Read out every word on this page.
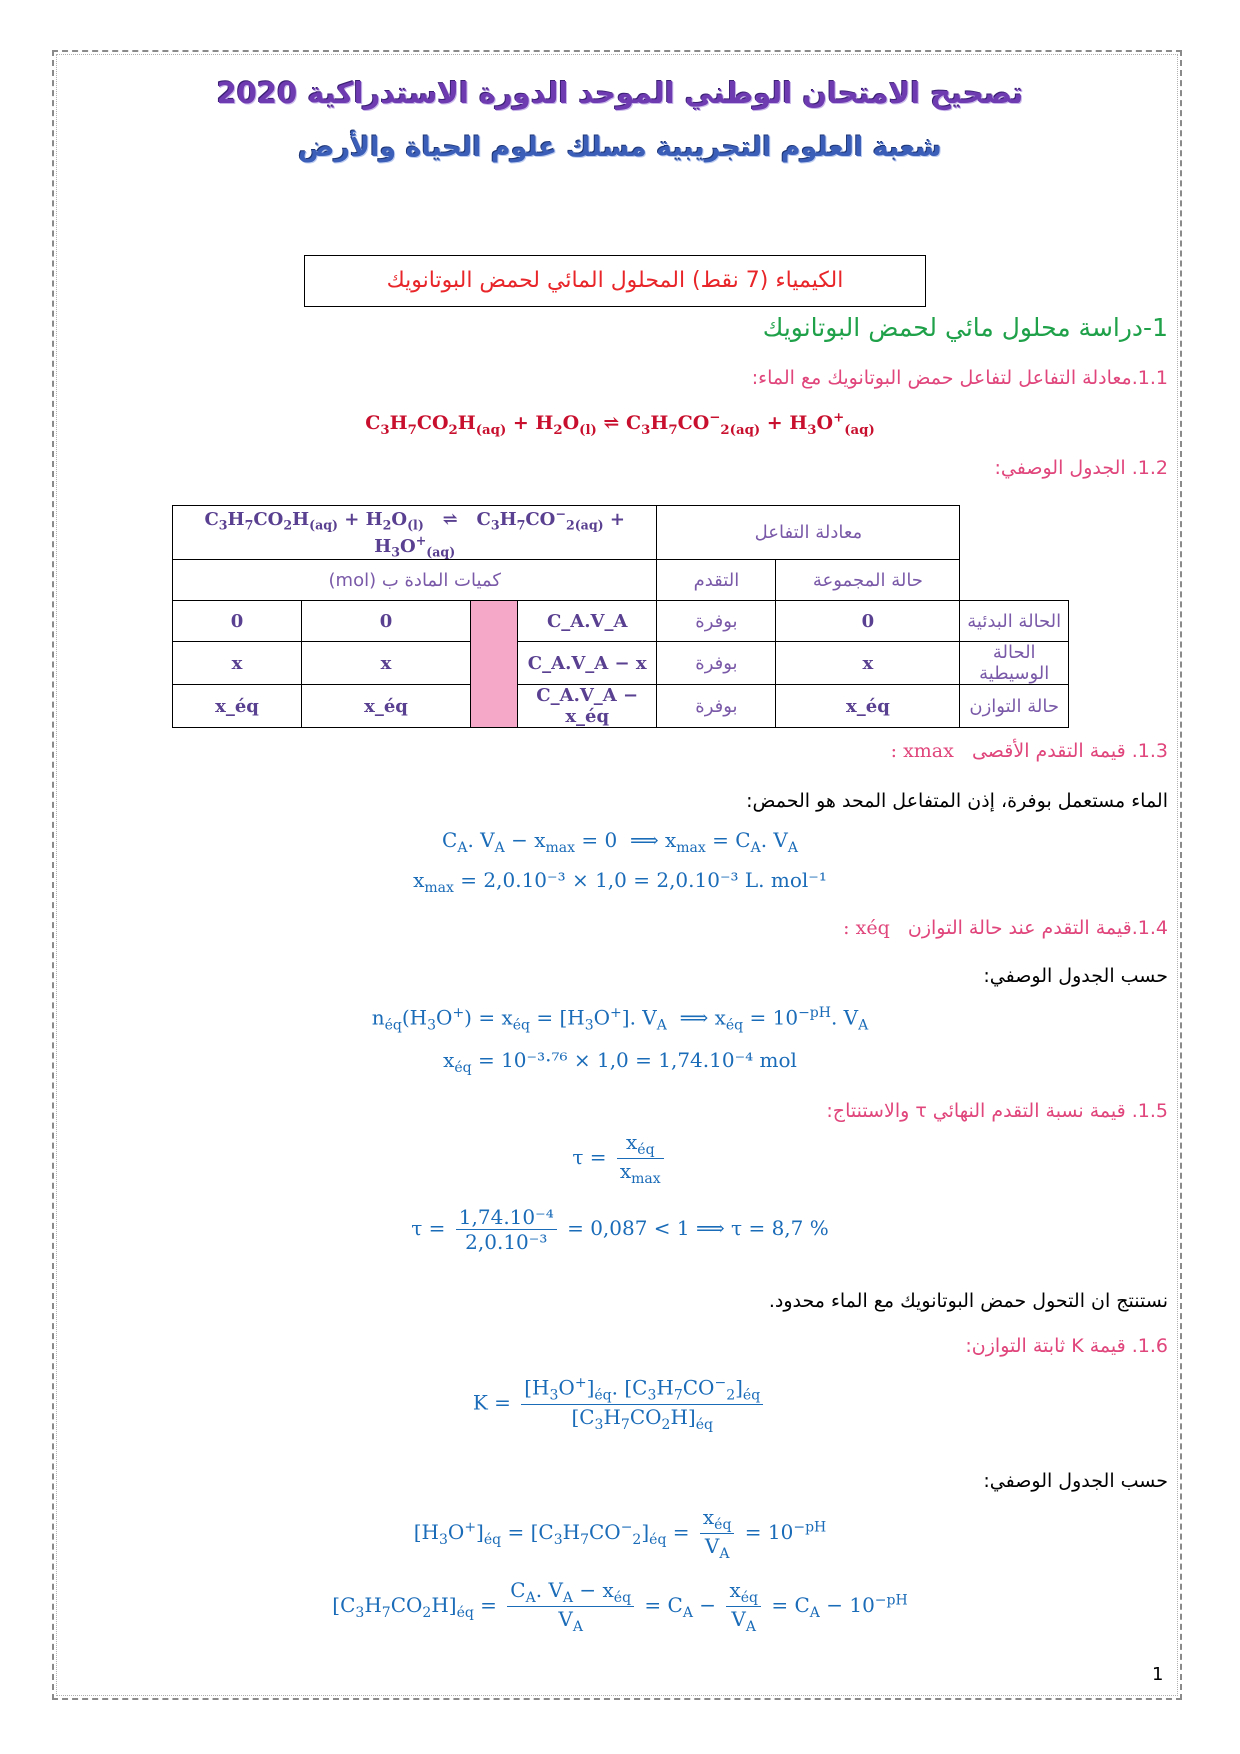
تصحيح الامتحان الوطني الموحد الدورة الاستدراكية 2020
شعبة العلوم التجريبية مسلك علوم الحياة والأرض
الكيمياء (7 نقط) المحلول المائي لحمض البوتانويك
1-دراسة محلول مائي لحمض البوتانويك
1.1.معادلة التفاعل لتفاعل حمض البوتانويك مع الماء:
$C_3H_7CO_2H_{(aq)} + H_2O_{(l)}$ ⇌ $C_3H_7CO^-_{2(aq)} + H_3O^+_{(aq)}$
1.2. الجدول الوصفي:
$C_3H_7CO_2H_{(aq)} + H_2O_{(l)}$   ⇌   $C_3H_7CO^-_{2(aq)} + H_3O^+_{(aq)}$				معادلة التفاعل		
كميات المادة ب (mol)				التقدم	حالة المجموعة	
0	0		C_A.V_A	بوفرة	0	الحالة البدئية
x	x		C_A.V_A − x	بوفرة	x	الحالة الوسيطية
x_éq	x_éq		C_A.V_A − x_éq	بوفرة	x_éq	حالة التوازن
1.3. قيمة التقدم الأقصى   xmax :
الماء مستعمل بوفرة، إذن المتفاعل المحد هو الحمض:
$C_A$. $V_A - x_{max} = 0$  ⟹ $x_{max} = C_A$. $V_A$
$x_{max} = 2,0.10^{-3} \times 1,0 = 2,0.10^{-3}$ L. mol⁻¹
1.4.قيمة التقدم عند حالة التوازن   xéq :
حسب الجدول الوصفي:
$n_{éq}(H_3O^+) = x_{éq} = [H_3O^+]$. $V_A$  ⟹ $x_{éq} = 10^{-pH}$. $V_A$
$x_{éq} = 10^{-3}\cdot^{76} \times 1,0 = 1,74.10^{-4}$ mol
1.5. قيمة نسبة التقدم النهائي τ والاستنتاج:
$\tau = \frac{x_{éq}}{x_{max}}$
$\tau = \frac{\text{1,74.10⁻⁴}}{\text{2,0.10⁻³}} = 0,087 < 1$ ⟹ τ = 8,7 %
نستنتج ان التحول حمض البوتانويك مع الماء محدود.
1.6. قيمة K ثابتة التوازن:
$K = \frac{[H_3O^+]_{éq}. [C_3H_7CO^-_2]_{éq}}{[C_3H_7CO_2H]_{éq}}$
حسب الجدول الوصفي:
$[H_3O^+]_{éq} = [C_3H_7CO^-_2]_{éq} = \frac{x_{éq}}{V_A} = 10^{-pH}$
$[C_3H_7CO_2H]_{éq} = \frac{C_A. V_A - x_{éq}}{V_A} = C_A - \frac{x_{éq}}{V_A} = C_A - 10^{-pH}$
1
